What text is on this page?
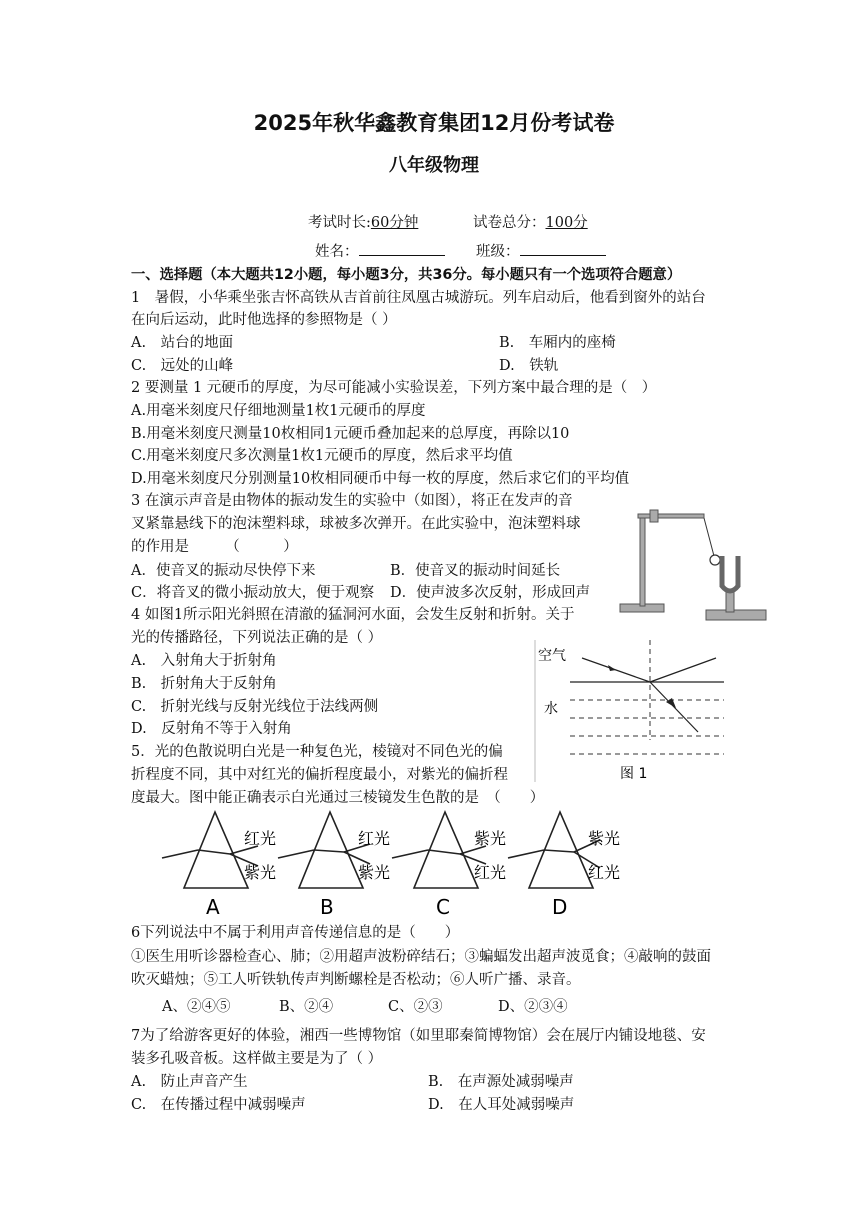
2025年秋华鑫教育集团12月份考试卷
八年级物理
考试时长:60分钟	试卷总分：100分
姓名：	班级：
一、选择题（本大题共12小题，每小题3分，共36分。每小题只有一个选项符合题意）
1　暑假，小华乘坐张吉怀高铁从吉首前往凤凰古城游玩。列车启动后，他看到窗外的站台
在向后运动，此时他选择的参照物是（ ）
A.　站台的地面	B.　车厢内的座椅
C.　远处的山峰	D.　铁轨
2 要测量 1 元硬币的厚度，为尽可能减小实验误差，下列方案中最合理的是（　）
A.用毫米刻度尺仔细地测量1枚1元硬币的厚度
B.用毫米刻度尺测量10枚相同1元硬币叠加起来的总厚度，再除以10
C.用毫米刻度尺多次测量1枚1元硬币的厚度，然后求平均值
D.用毫米刻度尺分别测量10枚相同硬币中每一枚的厚度，然后求它们的平均值
3 在演示声音是由物体的振动发生的实验中（如图），将正在发声的音
叉紧靠悬线下的泡沫塑料球，球被多次弹开。在此实验中，泡沫塑料球
的作用是　　　（　　　）
A．使音叉的振动尽快停下来	B．使音叉的振动时间延长
C．将音叉的微小振动放大，便于观察 D．使声波多次反射，形成回声
4 如图1所示阳光斜照在清澈的猛洞河水面，会发生反射和折射。关于
光的传播路径，下列说法正确的是（ ）
A.　入射角大于折射角
B.　折射角大于反射角
C.　折射光线与反射光线位于法线两侧
D.　反射角不等于入射角
空气
水
图 1
5．光的色散说明白光是一种复色光，棱镜对不同色光的偏
折程度不同，其中对红光的偏折程度最小，对紫光的偏折程
度最大。图中能正确表示白光通过三棱镜发生色散的是　（　　）
红光
紫光
A
红光
紫光
B
紫光
红光
C
紫光
红光
D
6下列说法中不属于利用声音传递信息的是（　　）
①医生用听诊器检查心、肺；②用超声波粉碎结石；③蝙蝠发出超声波觅食；④敲响的鼓面
吹灭蜡烛；⑤工人听铁轨传声判断螺栓是否松动；⑥人听广播、录音。
A、②④⑤	B、②④	C、②③	D、②③④
7为了给游客更好的体验，湘西一些博物馆（如里耶秦简博物馆）会在展厅内铺设地毯、安
装多孔吸音板。这样做主要是为了（ ）
A.　防止声音产生	B.　在声源处减弱噪声
C.　在传播过程中减弱噪声	D.　在人耳处减弱噪声
